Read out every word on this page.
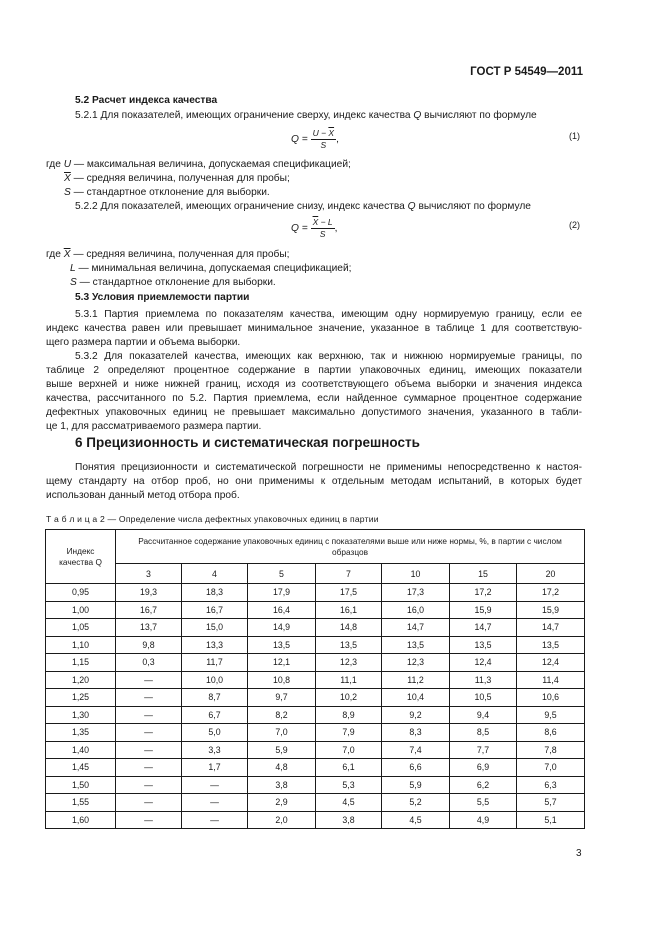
ГОСТ Р 54549—2011
5.2 Расчет индекса качества
5.2.1 Для показателей, имеющих ограничение сверху, индекс качества Q вычисляют по формуле
$Q = \frac{U - \overline{X}}{S}$ ,	(1)
где U — максимальная величина, допускаемая спецификацией;
$\overline{X}$ — средняя величина, полученная для пробы;
S — стандартное отклонение для выборки.
5.2.2 Для показателей, имеющих ограничение снизу, индекс качества Q вычисляют по формуле
$Q = \frac{\overline{X} - L}{S}$ ,	(2)
где $\overline{X}$ — средняя величина, полученная для пробы;
L — минимальная величина, допускаемая спецификацией;
S — стандартное отклонение для выборки.
5.3 Условия приемлемости партии
5.3.1 Партия приемлема по показателям качества, имеющим одну нормируемую границу, если ее
индекс качества равен или превышает минимальное значение, указанное в таблице 1 для соответствую-
щего размера партии и объема выборки.
5.3.2 Для показателей качества, имеющих как верхнюю, так и нижнюю нормируемые границы, по
таблице 2 определяют процентное содержание в партии упаковочных единиц, имеющих показатели
выше верхней и ниже нижней границ, исходя из соответствующего объема выборки и значения индекса
качества, рассчитанного по 5.2. Партия приемлема, если найденное суммарное процентное содержание
дефектных упаковочных единиц не превышает максимально допустимого значения, указанного в табли-
це 1, для рассматриваемого размера партии.
6 Прецизионность и систематическая погрешность
Понятия прецизионности и систематической погрешности не применимы непосредственно к настоя-
щему стандарту на отбор проб, но они применимы к отдельным методам испытаний, в которых будет
использован данный метод отбора проб.
Т а б л и ц а 2 — Определение числа дефектных упаковочных единиц в партии
Индекс
качества Q	Рассчитанное содержание упаковочных единиц с показателями выше или ниже нормы, %, в партии с числом образцов						
	3	4	5	7	10	15	20
0,95	19,3	18,3	17,9	17,5	17,3	17,2	17,2
1,00	16,7	16,7	16,4	16,1	16,0	15,9	15,9
1,05	13,7	15,0	14,9	14,8	14,7	14,7	14,7
1,10	9,8	13,3	13,5	13,5	13,5	13,5	13,5
1,15	0,3	11,7	12,1	12,3	12,3	12,4	12,4
1,20	—	10,0	10,8	11,1	11,2	11,3	11,4
1,25	—	8,7	9,7	10,2	10,4	10,5	10,6
1,30	—	6,7	8,2	8,9	9,2	9,4	9,5
1,35	—	5,0	7,0	7,9	8,3	8,5	8,6
1,40	—	3,3	5,9	7,0	7,4	7,7	7,8
1,45	—	1,7	4,8	6,1	6,6	6,9	7,0
1,50	—	—	3,8	5,3	5,9	6,2	6,3
1,55	—	—	2,9	4,5	5,2	5,5	5,7
1,60	—	—	2,0	3,8	4,5	4,9	5,1
3
